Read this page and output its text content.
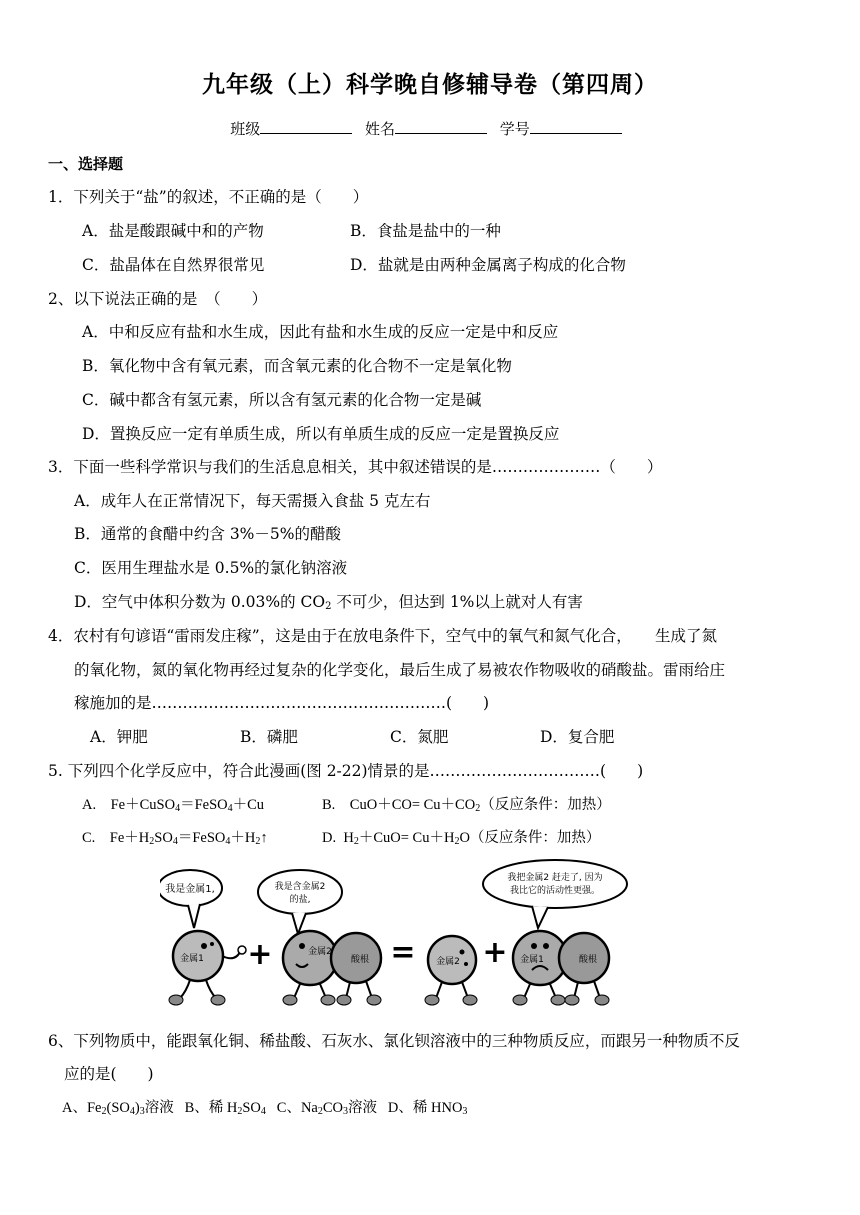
九年级（上）科学晚自修辅导卷（第四周）
班级	姓名	学号
一、选择题
1．下列关于“盐”的叙述，不正确的是（　　）
A．盐是酸跟碱中和的产物	B．食盐是盐中的一种
C．盐晶体在自然界很常见	D．盐就是由两种金属离子构成的化合物
2、以下说法正确的是　（　　）
A．中和反应有盐和水生成，因此有盐和水生成的反应一定是中和反应
B．氧化物中含有氧元素，而含氧元素的化合物不一定是氧化物
C．碱中都含有氢元素，所以含有氢元素的化合物一定是碱
D．置换反应一定有单质生成，所以有单质生成的反应一定是置换反应
3．下面一些科学常识与我们的生活息息相关，其中叙述错误的是…………………（　　）
A．成年人在正常情况下，每天需摄入食盐 5 克左右
B．通常的食醋中约含 3%－5%的醋酸
C．医用生理盐水是 0.5%的氯化钠溶液
D．空气中体积分数为 0.03%的 $CO_2$ 不可少，但达到 1%以上就对人有害
4．农村有句谚语“雷雨发庄稼”，这是由于在放电条件下，空气中的氧气和氮气化合，　　生成了氮
的氧化物，氮的氧化物再经过复杂的化学变化，最后生成了易被农作物吸收的硝酸盐。雷雨给庄
稼施加的是…………………………………………………(　　)
A．钾肥	B．磷肥	C．氮肥	D．复合肥
5. 下列四个化学反应中，符合此漫画(图 2-22)情景的是……………………………(　　)
A. Fe＋CuSO$_4$＝FeSO$_4$＋Cu	B. $CuO+CO= Cu+CO_2$（反应条件：加热）
C. $Fe+H_2SO_4=FeSO_4+H_2↑$	D. $H_2+CuO= Cu+H_2O$（反应条件：加热）
我是金属1,	我是含金属2
的盐,
我把金属2 赶走了, 因为
我比它的活动性更强。
金属1 +	金属2
酸根 = 金属2 + 金属1	酸根
6、下列物质中，能跟氧化铜、稀盐酸、石灰水、氯化钡溶液中的三种物质反应，而跟另一种物质不反
应的是(　　)
A、$Fe_2(SO_4)_3$溶液 B、稀 $H_2SO_4$ C、$Na_2CO_3$溶液 D、稀 $HNO_3$
